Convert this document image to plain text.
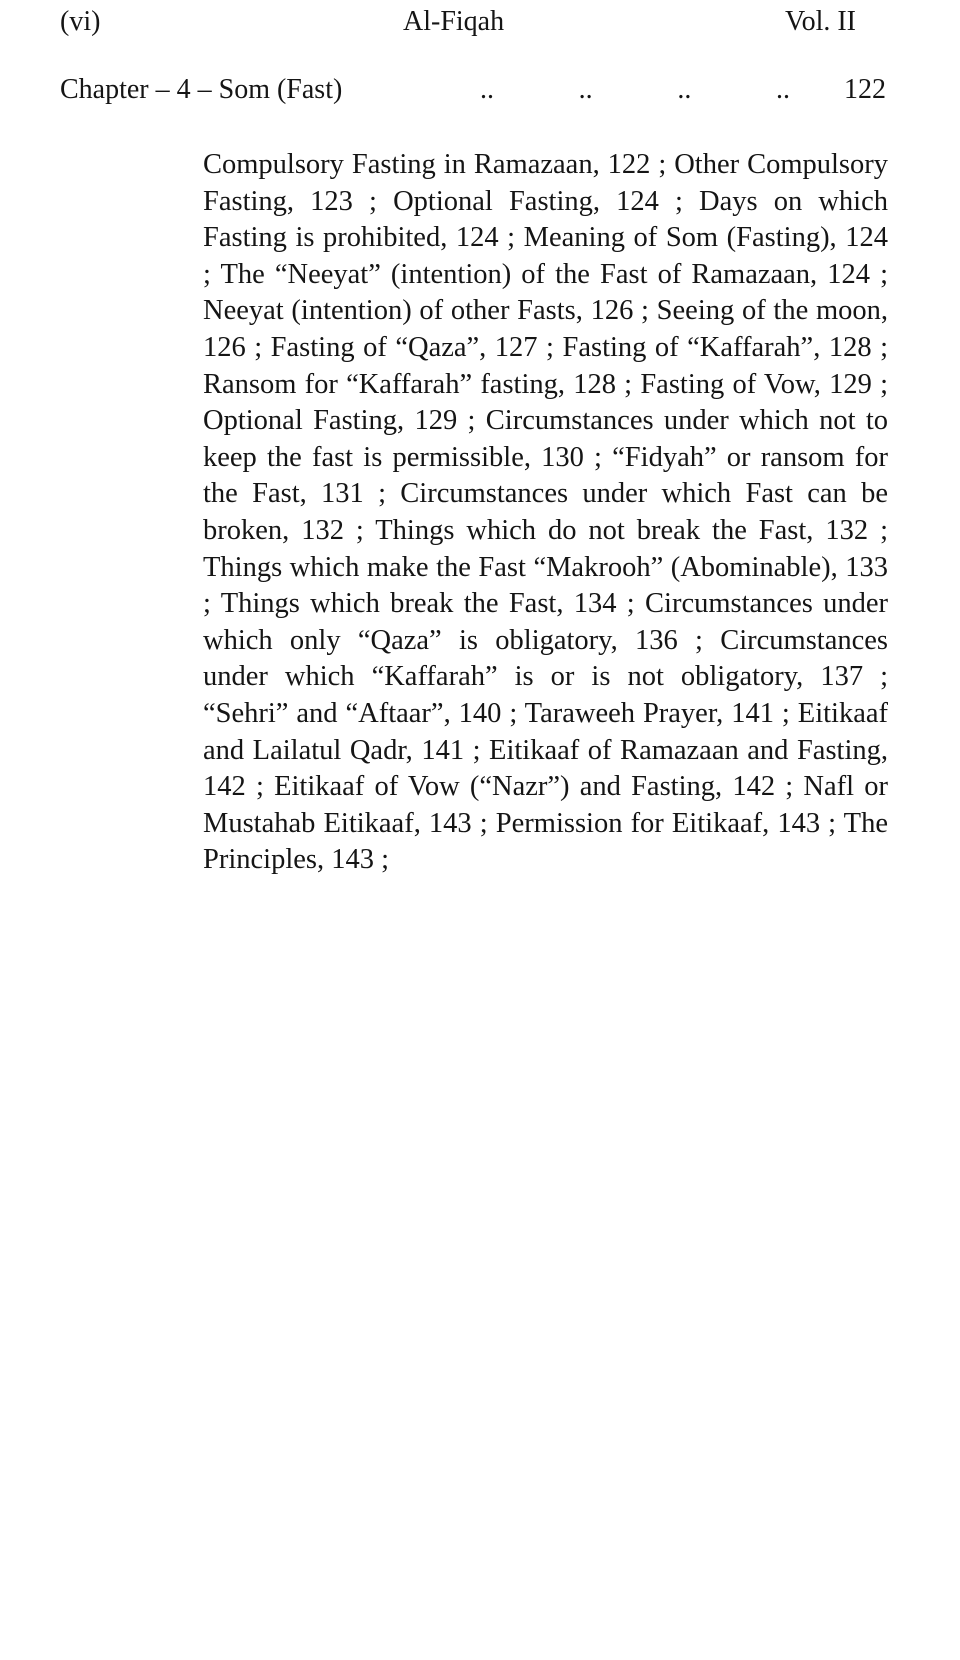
(vi)	Al-Fiqah	Vol. II
Chapter – 4 – Som (Fast)	..	..	..	.. 122

Compulsory Fasting in Ramazaan, 122 ; Other Compulsory Fasting, 123 ; Optional Fasting, 124 ; Days on which Fasting is prohibited, 124 ; Meaning of Som (Fasting), 124 ; The “Neeyat” (intention) of the Fast of Ramazaan, 124 ; Neeyat (intention) of other Fasts, 126 ; Seeing of the moon, 126 ; Fasting of “Qaza”, 127 ; Fasting of “Kaffarah”, 128 ; Ransom for “Kaffarah” fasting, 128 ; Fasting of Vow, 129 ; Optional Fasting, 129 ; Circumstances under which not to keep the fast is permissible, 130 ; “Fidyah” or ransom for the Fast, 131 ; Circumstances under which Fast can be broken, 132 ; Things which do not break the Fast, 132 ; Things which make the Fast “Makrooh” (Abominable), 133 ; Things which break the Fast, 134 ; Circumstances under which only “Qaza” is obligatory, 136 ; Circumstances under which “Kaffarah” is or is not obligatory, 137 ; “Sehri” and “Aftaar”, 140 ; Taraweeh Prayer, 141 ; Eitikaaf and Lailatul Qadr, 141 ; Eitikaaf of Ramazaan and Fasting, 142 ; Eitikaaf of Vow (“Nazr”) and Fasting, 142 ; Nafl or Mustahab Eitikaaf, 143 ; Permission for Eitikaaf, 143 ; The Principles, 143 ;
